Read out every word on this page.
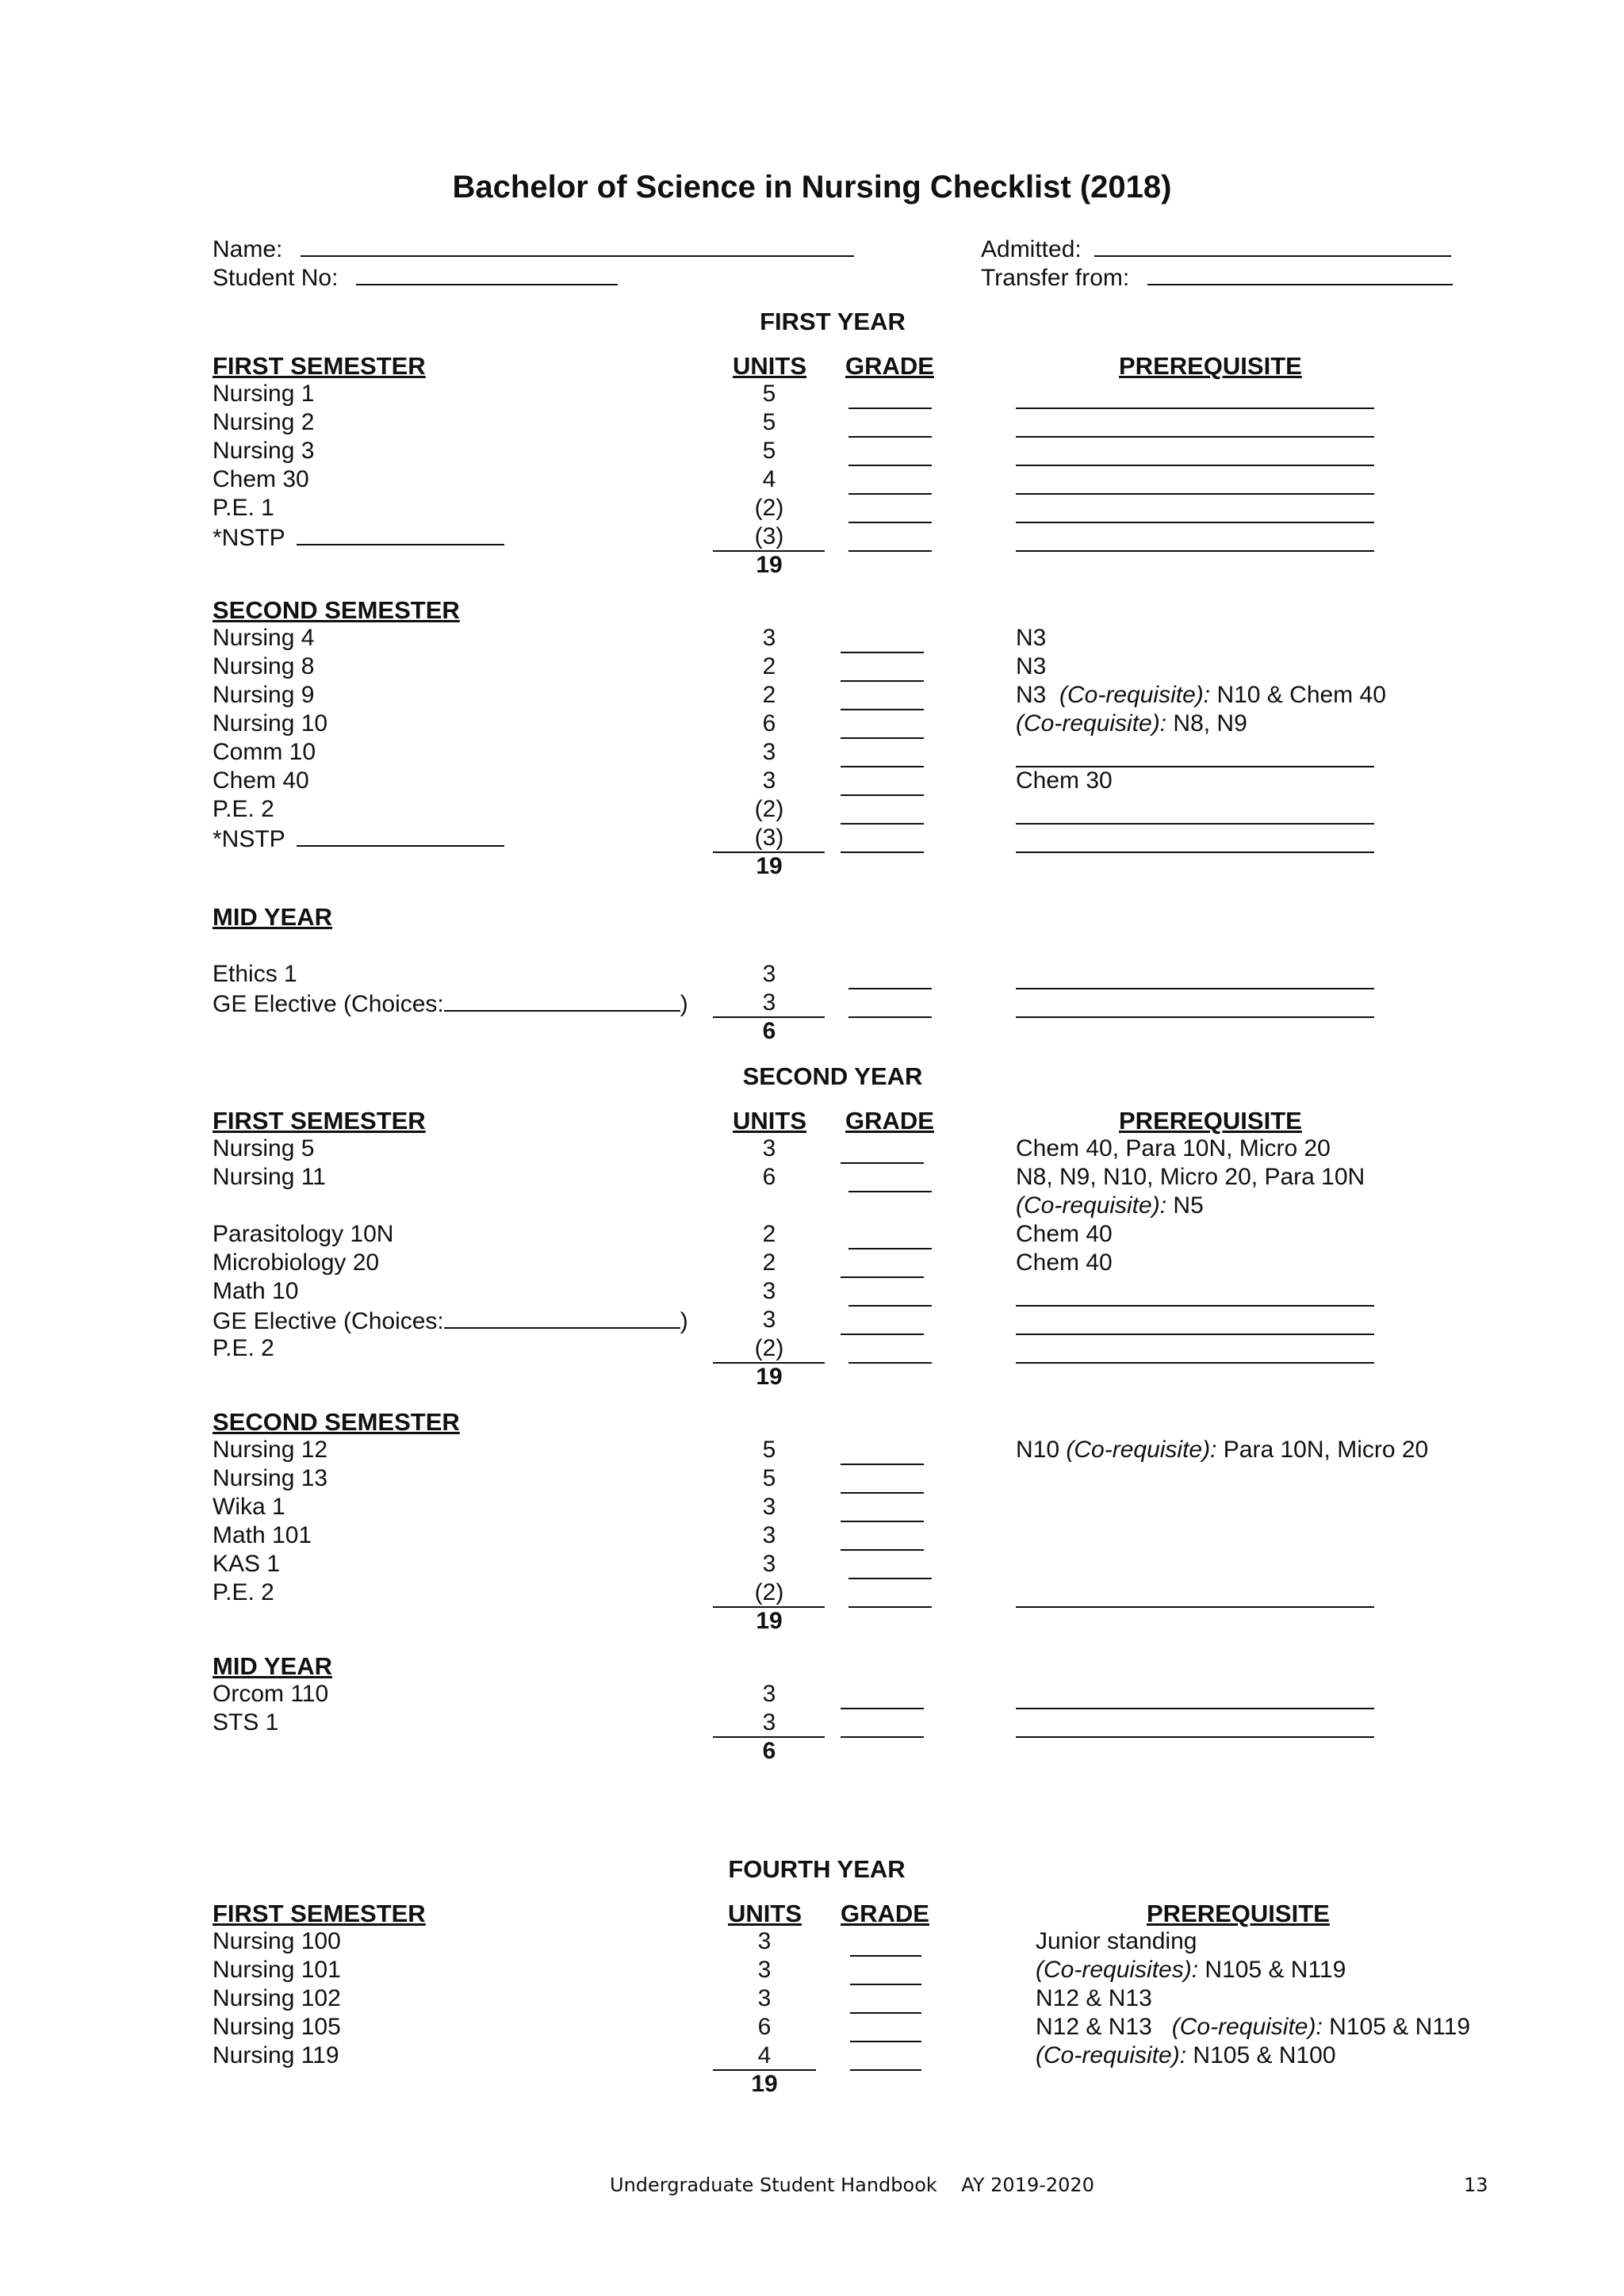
Bachelor of Science in Nursing Checklist (2018)
Name:
Student No:
Admitted:
Transfer from:
FIRST YEAR
FIRST SEMESTER	UNITS GRADE	PREREQUISITE
Nursing 1	5
Nursing 2	5
Nursing 3	5
Chem 30	4
P.E. 1	(2)
*NSTP	(3)
19
SECOND SEMESTER
Nursing 4	3	N3
Nursing 8	2	N3
Nursing 9	2	N3 (Co-requisite): N10 & Chem 40
Nursing 10	6	(Co-requisite): N8, N9
Comm 10	3
Chem 40	3	Chem 30
P.E. 2	(2)
*NSTP	(3)
19
MID YEAR
Ethics 1	3
GE Elective (Choices:	)	3
6
SECOND YEAR
FIRST SEMESTER	UNITS GRADE	PREREQUISITE
Nursing 5	3	Chem 40, Para 10N, Micro 20
Nursing 11	6	N8, N9, N10, Micro 20, Para 10N
(Co-requisite): N5
Parasitology 10N	2	Chem 40
Microbiology 20	2	Chem 40
Math 10	3
GE Elective (Choices:	)	3
P.E. 2	(2)
19
SECOND SEMESTER
Nursing 12	5	N10 (Co-requisite): Para 10N, Micro 20
Nursing 13	5
Wika 1	3
Math 101	3
KAS 1	3
P.E. 2	(2)
19
MID YEAR
Orcom 110	3
STS 1	3
6
FOURTH YEAR
FIRST SEMESTER	UNITS GRADE	PREREQUISITE
Nursing 100	3	Junior standing
Nursing 101	3	(Co-requisites): N105 & N119
Nursing 102	3	N12 & N13
Nursing 105	6	N12 & N13 (Co-requisite): N105 & N119
Nursing 119	4	(Co-requisite): N105 & N100
19
Undergraduate Student Handbook AY 2019-2020	13
